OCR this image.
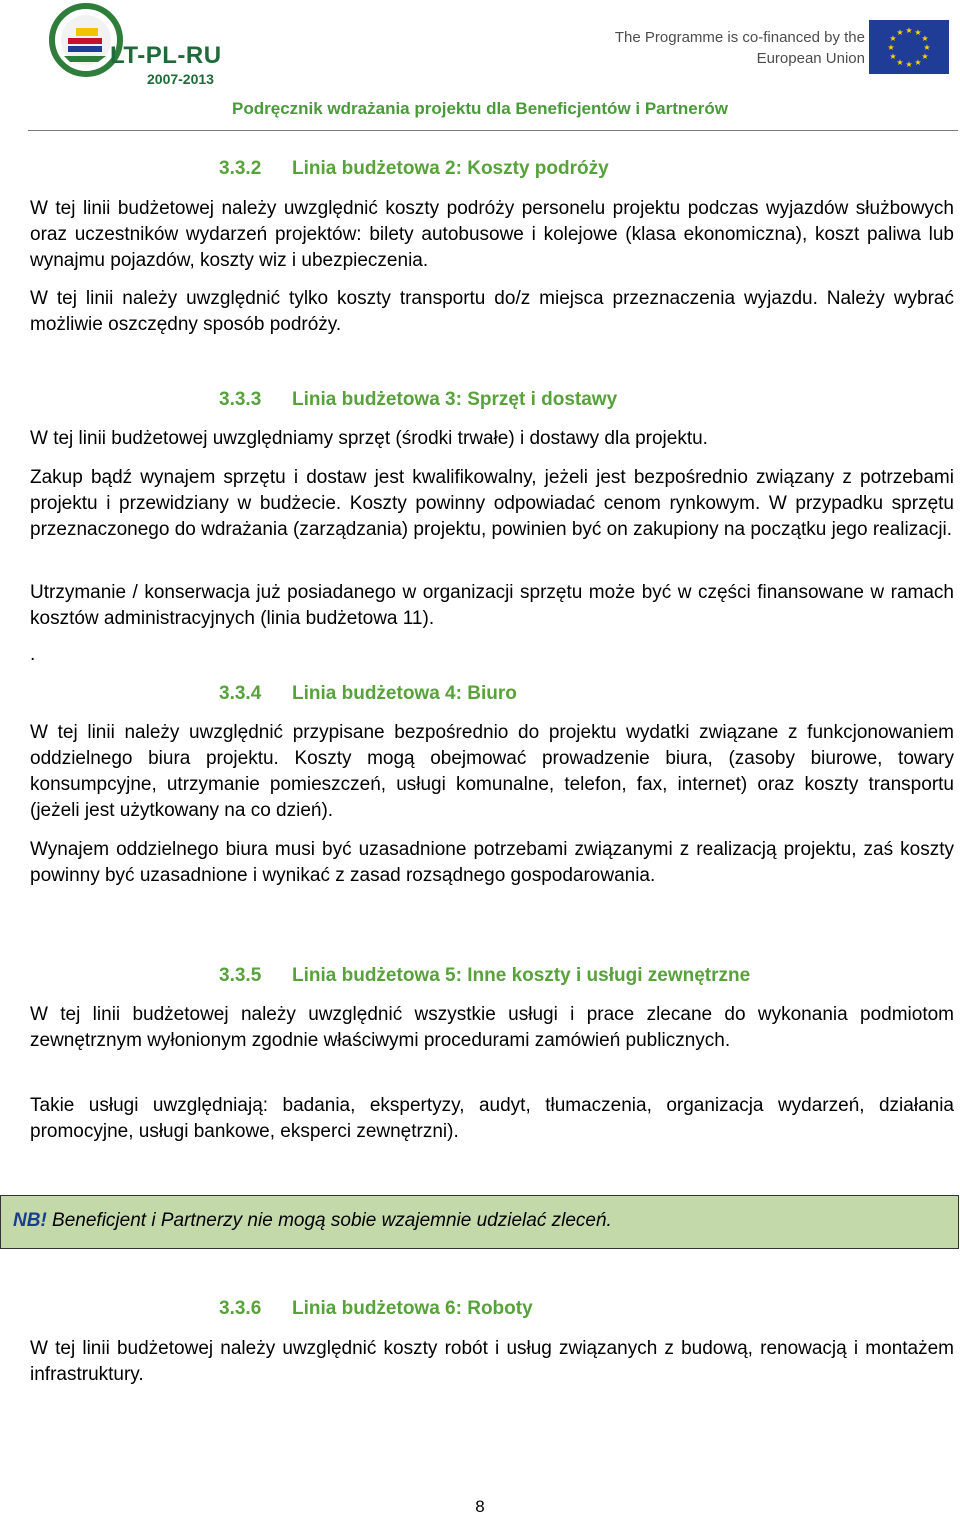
LT-PL-RU
2007-2013
The Programme is co-financed by the
European Union
★ ★
★
★
★
★
★
★
★
★
★
★
Podręcznik wdrażania projektu dla Beneficjentów i Partnerów
3.3.2 Linia budżetowa 2: Koszty podróży
W tej linii budżetowej należy uwzględnić koszty podróży personelu projektu podczas wyjazdów służbowych oraz uczestników wydarzeń projektów: bilety autobusowe i kolejowe (klasa ekonomiczna), koszt paliwa lub wynajmu pojazdów, koszty wiz i ubezpieczenia.
W tej linii należy uwzględnić tylko koszty transportu do/z miejsca przeznaczenia wyjazdu. Należy wybrać możliwie oszczędny sposób podróży.
3.3.3 Linia budżetowa 3: Sprzęt i dostawy
W tej linii budżetowej uwzględniamy sprzęt (środki trwałe) i dostawy dla projektu.
Zakup bądź wynajem sprzętu i dostaw jest kwalifikowalny, jeżeli jest bezpośrednio związany z potrzebami projektu i przewidziany w budżecie. Koszty powinny odpowiadać cenom rynkowym. W przypadku sprzętu przeznaczonego do wdrażania (zarządzania) projektu, powinien być on zakupiony na początku jego realizacji.
Utrzymanie / konserwacja już posiadanego w organizacji sprzętu może być w części finansowane w ramach kosztów administracyjnych (linia budżetowa 11).
.
3.3.4 Linia budżetowa 4: Biuro
W tej linii należy uwzględnić przypisane bezpośrednio do projektu wydatki związane z funkcjonowaniem oddzielnego biura projektu. Koszty mogą obejmować prowadzenie biura, (zasoby biurowe, towary konsumpcyjne, utrzymanie pomieszczeń, usługi komunalne, telefon, fax, internet) oraz koszty transportu (jeżeli jest użytkowany na co dzień).
Wynajem oddzielnego biura musi być uzasadnione potrzebami związanymi z realizacją projektu, zaś koszty powinny być uzasadnione i wynikać z zasad rozsądnego gospodarowania.
3.3.5 Linia budżetowa 5: Inne koszty i usługi zewnętrzne
W tej linii budżetowej należy uwzględnić wszystkie usługi i prace zlecane do wykonania podmiotom zewnętrznym wyłonionym zgodnie właściwymi procedurami zamówień publicznych.
Takie usługi uwzględniają: badania, ekspertyzy, audyt, tłumaczenia, organizacja wydarzeń, działania promocyjne, usługi bankowe, eksperci zewnętrzni).
NB! Beneficjent i Partnerzy nie mogą sobie wzajemnie udzielać zleceń.
3.3.6 Linia budżetowa 6: Roboty
W tej linii budżetowej należy uwzględnić koszty robót i usług związanych z budową, renowacją i montażem infrastruktury.
8
